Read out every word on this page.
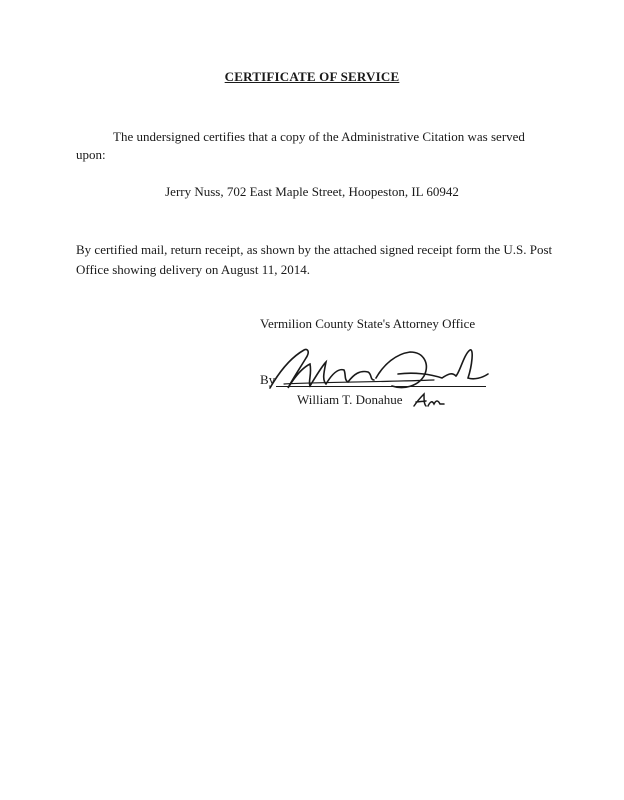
CERTIFICATE OF SERVICE
The undersigned certifies that a copy of the Administrative Citation was served upon:
Jerry Nuss, 702 East Maple Street, Hoopeston, IL 60942
By certified mail, return receipt, as shown by the attached signed receipt form the U.S. Post Office showing delivery on August 11, 2014.
Vermilion County State's Attorney Office
By
William T. Donahue
